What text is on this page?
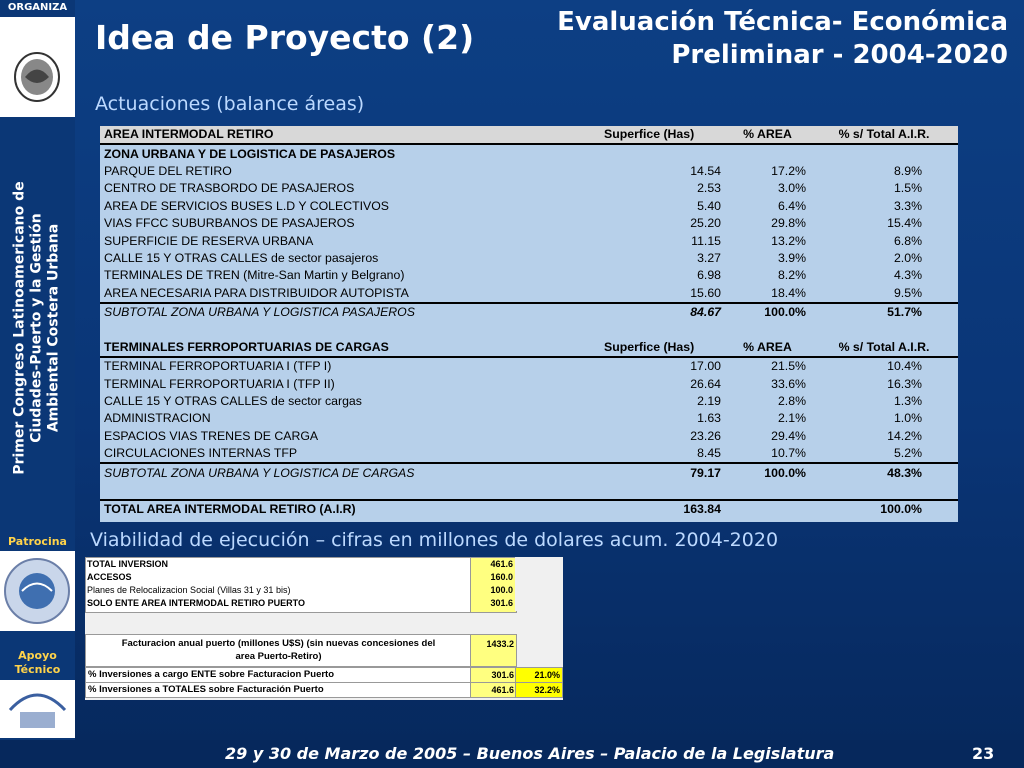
ORGANIZA
Primer Congreso Latinoamericano de
Ciudades-Puerto y la Gestión
Ambiental Costera Urbana
Patrocina
Apoyo
Técnico
Idea de Proyecto (2)	Evaluación Técnica- Económica
Preliminar - 2004-2020
Actuaciones (balance áreas)
AREA INTERMODAL RETIRO	Superfice (Has)	% AREA	% s/ Total A.I.R.
ZONA URBANA Y DE LOGISTICA DE PASAJEROS			
PARQUE DEL RETIRO	14.54	17.2%	8.9%
CENTRO DE TRASBORDO DE PASAJEROS	2.53	3.0%	1.5%
AREA DE SERVICIOS BUSES L.D Y COLECTIVOS	5.40	6.4%	3.3%
VIAS FFCC SUBURBANOS DE PASAJEROS	25.20	29.8%	15.4%
SUPERFICIE DE RESERVA URBANA	11.15	13.2%	6.8%
CALLE 15 Y OTRAS CALLES de sector pasajeros	3.27	3.9%	2.0%
TERMINALES DE TREN (Mitre-San Martin y Belgrano)	6.98	8.2%	4.3%
AREA NECESARIA PARA DISTRIBUIDOR AUTOPISTA	15.60	18.4%	9.5%
SUBTOTAL ZONA URBANA Y LOGISTICA PASAJEROS	84.67	100.0%	51.7%

TERMINALES FERROPORTUARIAS DE CARGAS	Superfice (Has)	% AREA	% s/ Total A.I.R.
TERMINAL FERROPORTUARIA I (TFP I)	17.00	21.5%	10.4%
TERMINAL FERROPORTUARIA I (TFP II)	26.64	33.6%	16.3%
CALLE 15 Y OTRAS CALLES de sector cargas	2.19	2.8%	1.3%
ADMINISTRACION	1.63	2.1%	1.0%
ESPACIOS VIAS TRENES DE CARGA	23.26	29.4%	14.2%
CIRCULACIONES INTERNAS TFP	8.45	10.7%	5.2%
SUBTOTAL ZONA URBANA Y LOGISTICA DE CARGAS	79.17	100.0%	48.3%

TOTAL AREA INTERMODAL RETIRO (A.I.R)	163.84		100.0%
Viabilidad de ejecución – cifras en millones de dolares acum. 2004-2020
TOTAL INVERSION	461.6
ACCESOS	160.0
Planes de Relocalizacion Social (Villas 31 y 31 bis)	100.0
SOLO ENTE AREA INTERMODAL RETIRO PUERTO	301.6
Facturacion anual puerto (millones U$S) (sin nuevas concesiones del
area Puerto-Retiro)
1433.2
% Inversiones a cargo ENTE sobre Facturacion Puerto	301.6 21.0%
% Inversiones a TOTALES sobre Facturación Puerto	461.6 32.2%
29 y 30 de Marzo de 2005 – Buenos Aires – Palacio de la Legislatura	23
